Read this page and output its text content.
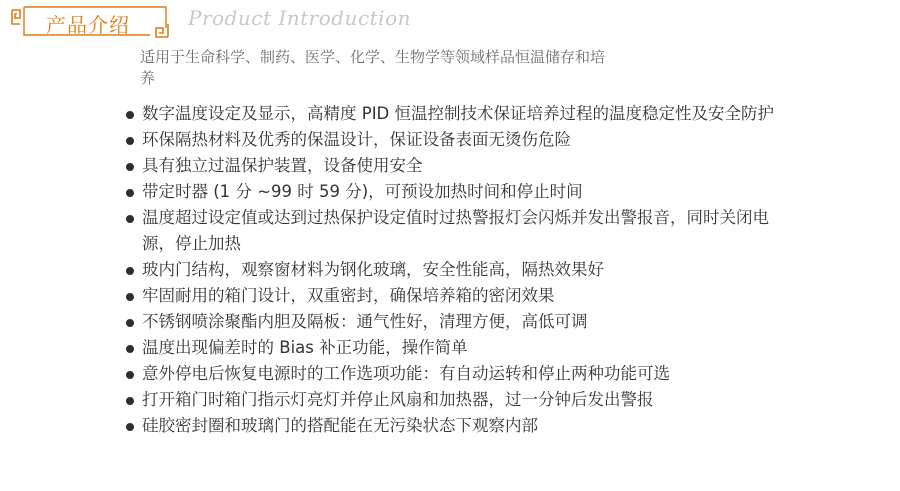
产品介绍	Product Introduction
适用于生命科学、制药、医学、化学、生物学等领域样品恒温储存和培养
数字温度设定及显示，高精度 PID 恒温控制技术保证培养过程的温度稳定性及安全防护
环保隔热材料及优秀的保温设计，保证设备表面无烫伤危险
具有独立过温保护装置，设备使用安全
带定时器 (1 分 ~99 时 59 分)，可预设加热时间和停止时间
温度超过设定值或达到过热保护设定值时过热警报灯会闪烁并发出警报音，同时关闭电源，停止加热
玻内门结构，观察窗材料为钢化玻璃，安全性能高，隔热效果好
牢固耐用的箱门设计，双重密封，确保培养箱的密闭效果
不锈钢喷涂聚酯内胆及隔板：通气性好，清理方便，高低可调
温度出现偏差时的 Bias 补正功能，操作简单
意外停电后恢复电源时的工作选项功能：有自动运转和停止两种功能可选
打开箱门时箱门指示灯亮灯并停止风扇和加热器，过一分钟后发出警报
硅胶密封圈和玻璃门的搭配能在无污染状态下观察内部
